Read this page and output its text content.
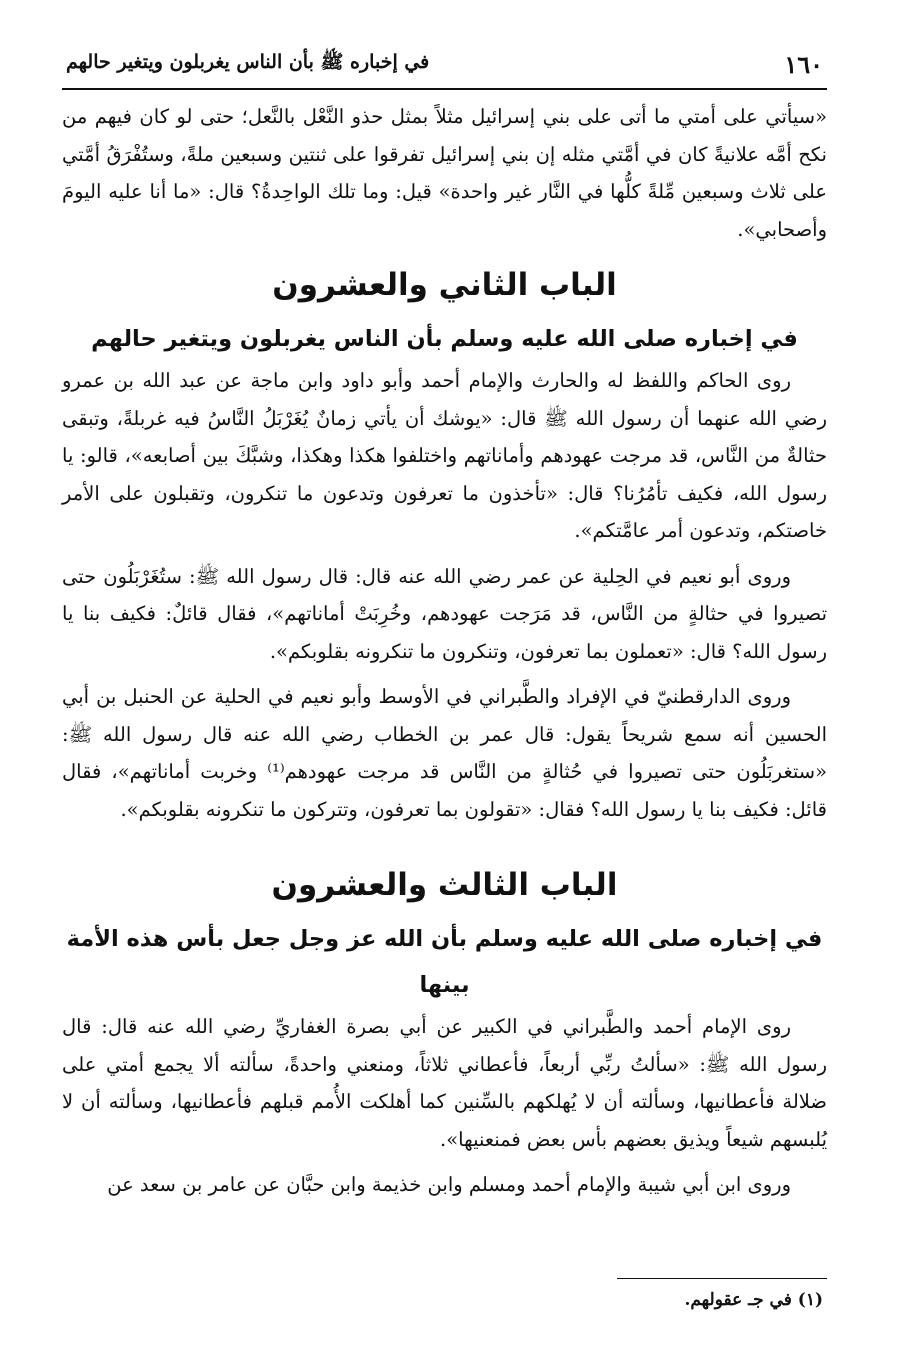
١٦٠
في إخباره ﷺ بأن الناس يغربلون ويتغير حالهم

«سيأتي على أمتي ما أتى على بني إسرائيل مثلاً بمثل حذو النَّعْل بالنَّعل؛ حتى لو كان فيهم من نكح أمَّه علانيةً كان في أمَّتي مثله إن بني إسرائيل تفرقوا على ثنتين وسبعين ملةً، وستُفْرَقُ أمَّتي على ثلاث وسبعين مِّلةً كلُّها في النَّار غير واحدة» قيل: وما تلك الواحِدةُ؟ قال: «ما أنا عليه اليومَ وأصحابي».

الباب الثاني والعشرون
في إخباره صلى الله عليه وسلم بأن الناس يغربلون ويتغير حالهم

روى الحاكم واللفظ له والحارث والإمام أحمد وأبو داود وابن ماجة عن عبد الله بن عمرو رضي الله عنهما أن رسول الله ﷺ قال: «يوشك أن يأتي زمانٌ يُغَرْبَلُ النَّاسُ فيه غربلةً، وتبقى حثالةٌ من النَّاس، قد مرجت عهودهم وأماناتهم واختلفوا هكذا وهكذا، وشبَّكَ بين أصابعه»، قالو: يا رسول الله، فكيف تأمُرُنا؟ قال: «تأخذون ما تعرفون وتدعون ما تنكرون، وتقبلون على الأمر خاصتكم، وتدعون أمر عامَّتكم».

وروى أبو نعيم في الحِلية عن عمر رضي الله عنه قال: قال رسول الله ﷺ: ستُغَرْبَلُون حتى تصيروا في حثالةٍ من النَّاس، قد مَرَجت عهودهم، وخُرِبَتْ أماناتهم»، فقال قائلٌ: فكيف بنا يا رسول الله؟ قال: «تعملون بما تعرفون، وتنكرون ما تنكرونه بقلوبكم».

وروى الدارقطنيّ في الإفراد والطَّبراني في الأوسط وأبو نعيم في الحلية عن الحنبل بن أبي الحسين أنه سمع شريحاً يقول: قال عمر بن الخطاب رضي الله عنه قال رسول الله ﷺ: «ستغربَلُون حتى تصيروا في حُثالةٍ من النَّاس قد مرجت عهودهم⁽¹⁾ وخربت أماناتهم»، فقال قائل: فكيف بنا يا رسول الله؟ فقال: «تقولون بما تعرفون، وتتركون ما تنكرونه بقلوبكم».

الباب الثالث والعشرون
في إخباره صلى الله عليه وسلم بأن الله عز وجل جعل بأس هذه الأمة بينها

روى الإمام أحمد والطَّبراني في الكبير عن أبي بصرة الغفاريِّ رضي الله عنه قال: قال رسول الله ﷺ: «سألتُ ربِّي أربعاً، فأعطاني ثلاثاً، ومنعني واحدةً، سألته ألا يجمع أمتي على ضلالة فأعطانيها، وسألته أن لا يُهلكهم بالسِّنين كما أهلكت الأُمم قبلهم فأعطانيها، وسألته أن لا يُلبسهم شيعاً ويذيق بعضهم بأس بعض فمنعنيها».

وروى ابن أبي شيبة والإمام أحمد ومسلم وابن خذيمة وابن حبَّان عن عامر بن سعد عن

(١) في جـ عقولهم.
